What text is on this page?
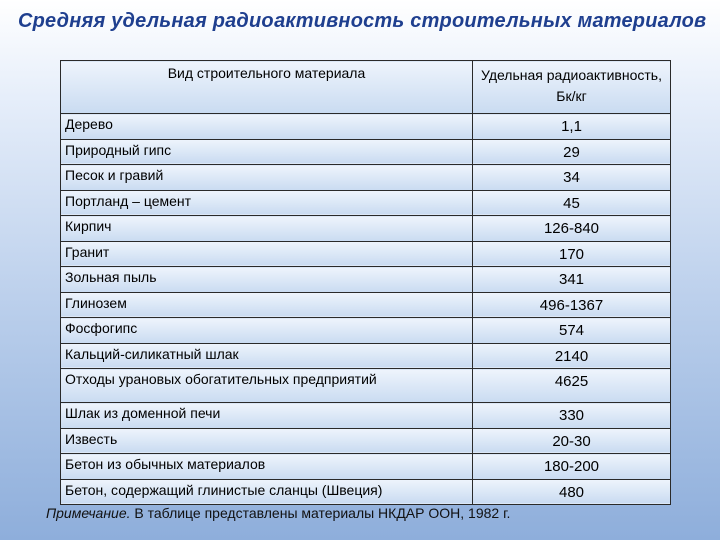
Средняя удельная радиоактивность строительных материалов
Вид строительного материала	Удельная радиоактивность, Бк/кг
Дерево	1,1
Природный гипс	29
Песок и гравий	34
Портланд – цемент	45
Кирпич	126-840
Гранит	170
Зольная пыль	341
Глинозем	496-1367
Фосфогипс	574
Кальций-силикатный шлак	2140
Отходы урановых обогатительных предприятий	4625
Шлак из доменной печи	330
Известь	20-30
Бетон из обычных материалов	180-200
Бетон, содержащий глинистые сланцы (Швеция)	480
Примечание. В таблице представлены материалы НКДАР ООН, 1982 г.
